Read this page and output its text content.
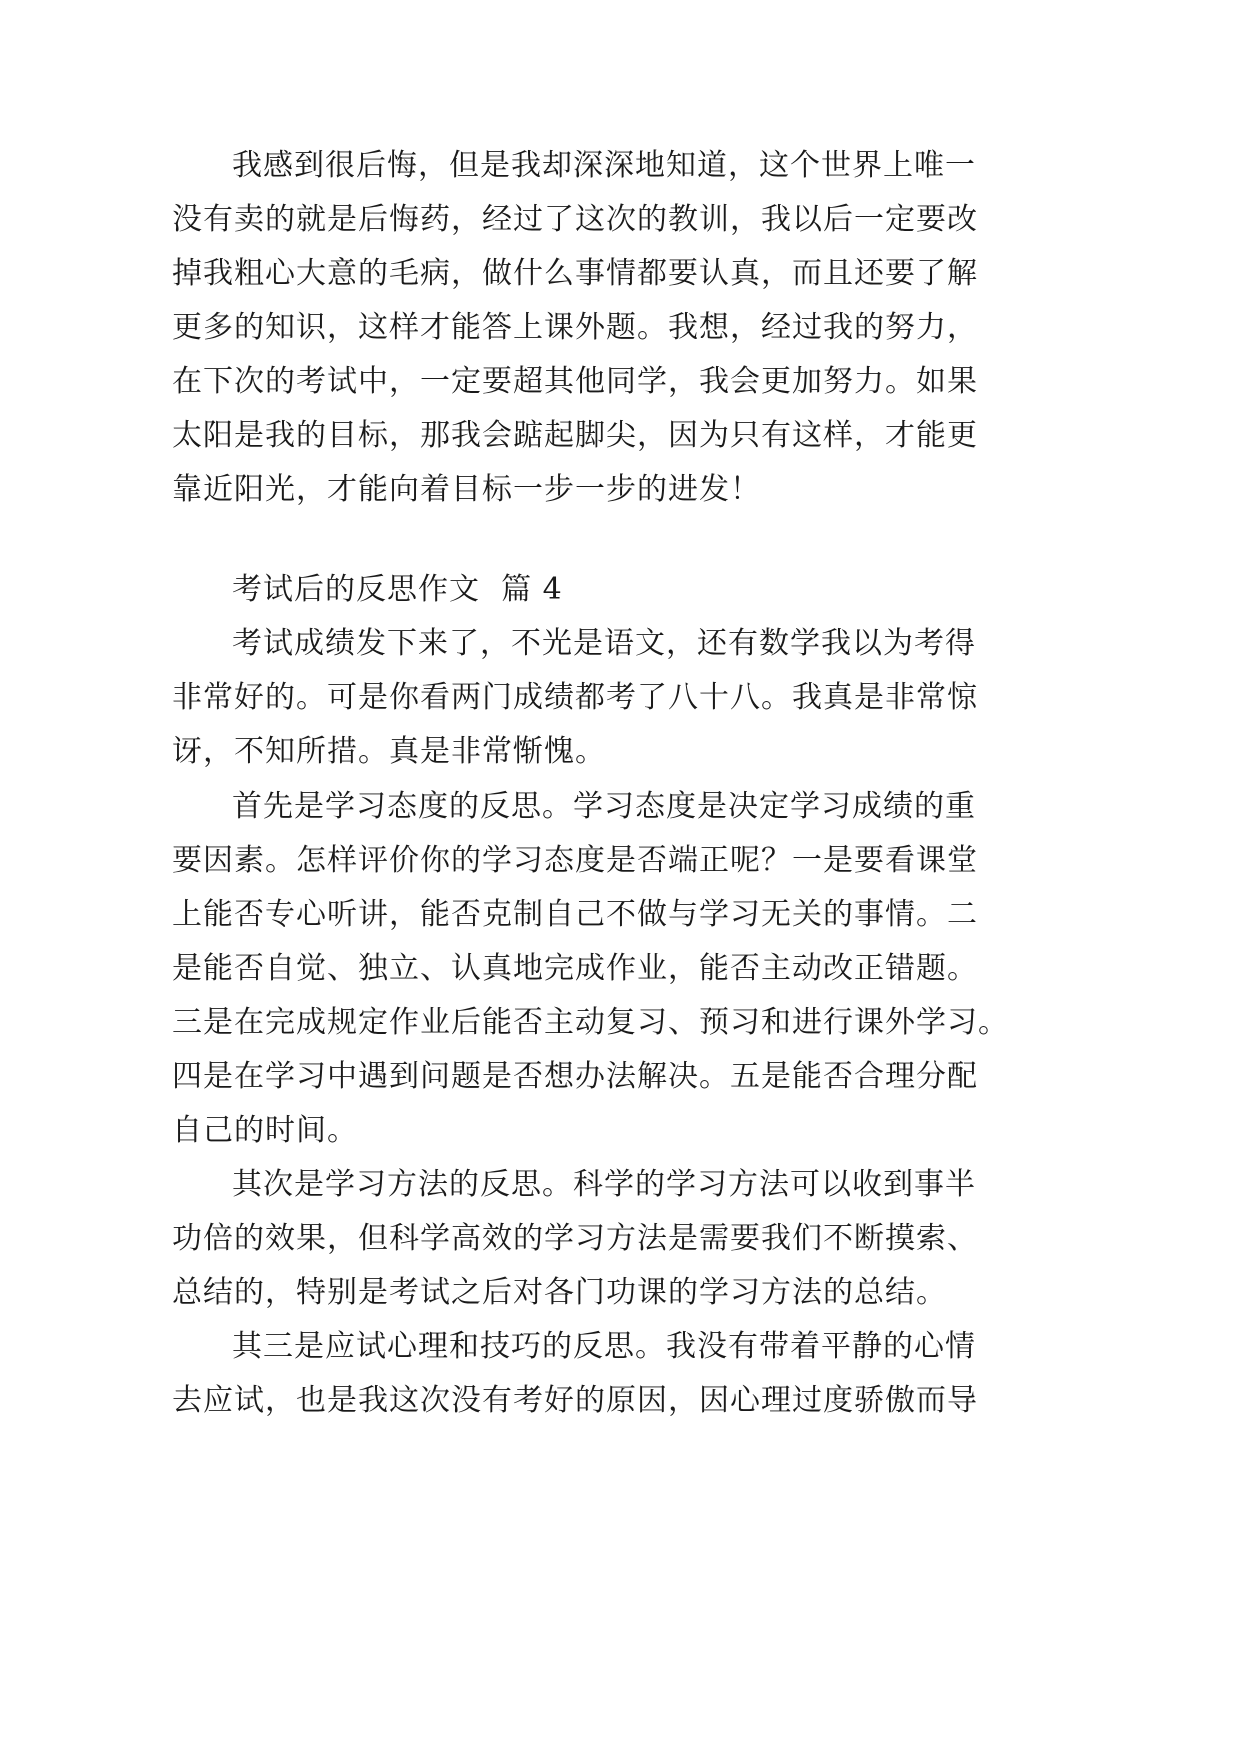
我感到很后悔，但是我却深深地知道，这个世界上唯一
没有卖的就是后悔药，经过了这次的教训，我以后一定要改
掉我粗心大意的毛病，做什么事情都要认真，而且还要了解
更多的知识，这样才能答上课外题。我想，经过我的努力，
在下次的考试中，一定要超其他同学，我会更加努力。如果
太阳是我的目标，那我会踮起脚尖，因为只有这样，才能更
靠近阳光，才能向着目标一步一步的进发！
考试后的反思作文  篇 4
考试成绩发下来了，不光是语文，还有数学我以为考得
非常好的。可是你看两门成绩都考了八十八。我真是非常惊
讶，不知所措。真是非常惭愧。
首先是学习态度的反思。学习态度是决定学习成绩的重
要因素。怎样评价你的学习态度是否端正呢？一是要看课堂
上能否专心听讲，能否克制自己不做与学习无关的事情。二
是能否自觉、独立、认真地完成作业，能否主动改正错题。
三是在完成规定作业后能否主动复习、预习和进行课外学习。
四是在学习中遇到问题是否想办法解决。五是能否合理分配
自己的时间。
其次是学习方法的反思。科学的学习方法可以收到事半
功倍的效果，但科学高效的学习方法是需要我们不断摸索、
总结的，特别是考试之后对各门功课的学习方法的总结。
其三是应试心理和技巧的反思。我没有带着平静的心情
去应试，也是我这次没有考好的原因，因心理过度骄傲而导
